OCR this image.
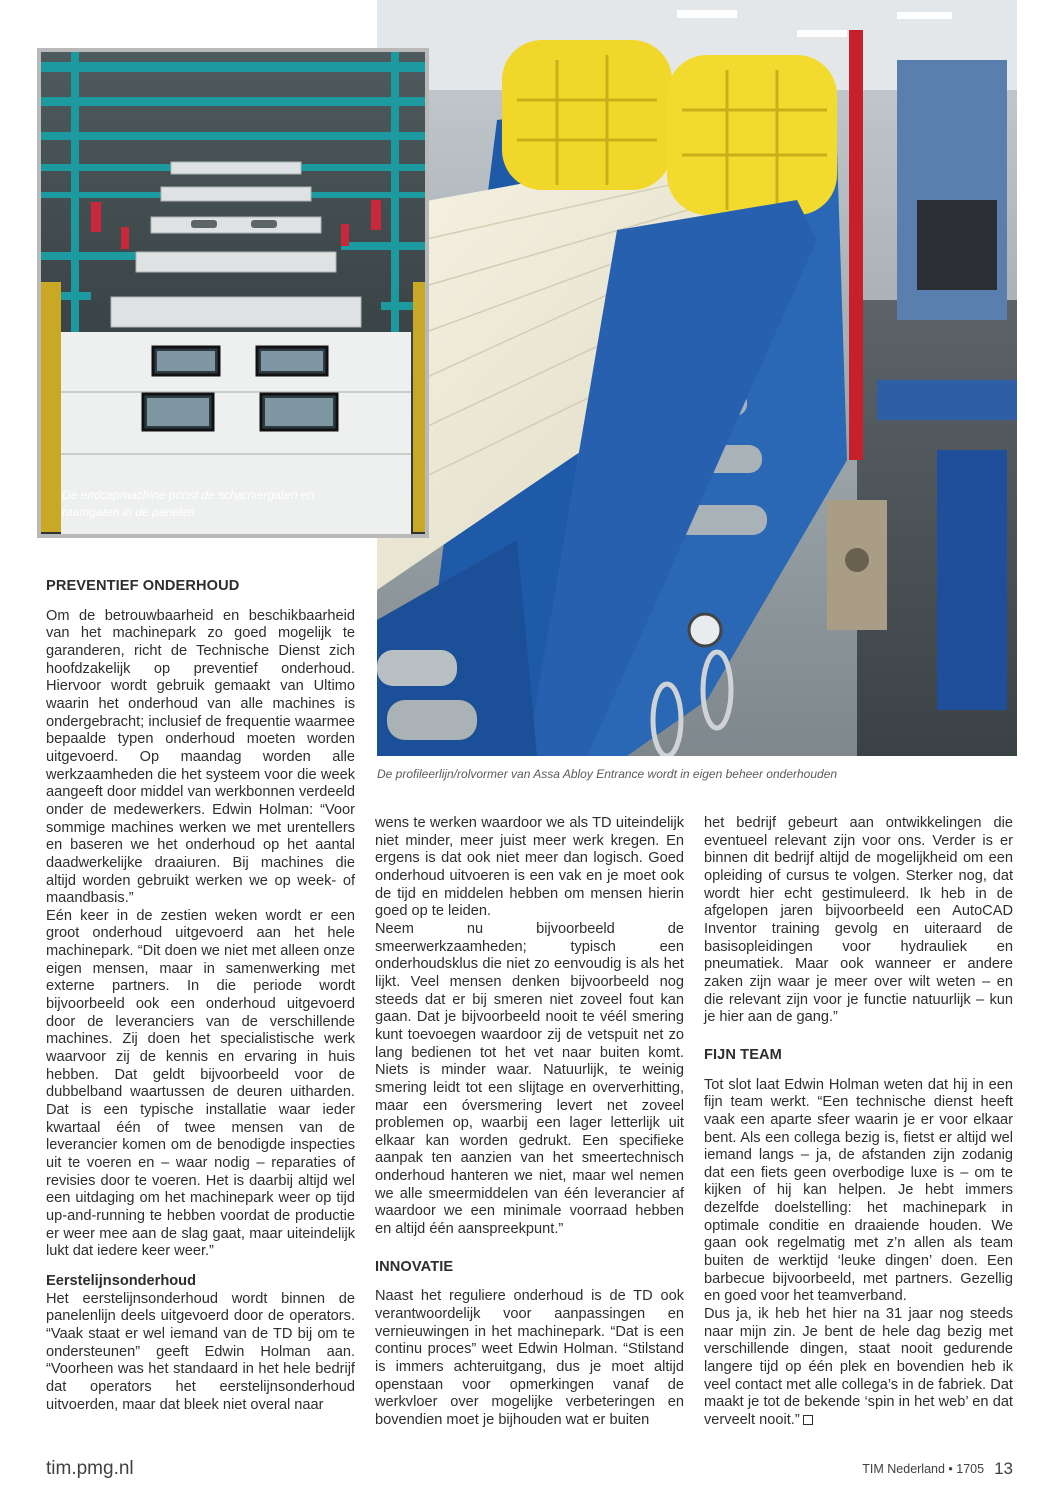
De profileerlijn/rolvormer van Assa Abloy Entrance wordt in eigen beheer onderhouden
De endcapmachine ponst de scharniergaten en raamgaten in de panelen
PREVENTIEF ONDERHOUD

Om de betrouwbaarheid en beschikbaarheid van het machinepark zo goed mogelijk te garanderen, richt de Technische Dienst zich hoofdzakelijk op preventief onderhoud. Hiervoor wordt gebruik gemaakt van Ultimo waarin het onderhoud van alle machines is ondergebracht; inclusief de frequentie waarmee bepaalde typen onderhoud moeten worden uitgevoerd. Op maandag worden alle werkzaamheden die het systeem voor die week aangeeft door middel van werkbonnen verdeeld onder de medewerkers. Edwin Holman: “Voor sommige machines werken we met urentellers en baseren we het onderhoud op het aantal daadwerkelijke draaiuren. Bij machines die altijd worden gebruikt werken we op week- of maandbasis.”

Eén keer in de zestien weken wordt er een groot onderhoud uitgevoerd aan het hele machinepark. “Dit doen we niet met alleen onze eigen mensen, maar in samenwerking met externe partners. In die periode wordt bijvoorbeeld ook een onderhoud uitgevoerd door de leveranciers van de verschillende machines. Zij doen het specialistische werk waarvoor zij de kennis en ervaring in huis hebben. Dat geldt bijvoorbeeld voor de dubbelband waartussen de deuren uitharden. Dat is een typische installatie waar ieder kwartaal één of twee mensen van de leverancier komen om de benodigde inspecties uit te voeren en – waar nodig – reparaties of revisies door te voeren. Het is daarbij altijd wel een uitdaging om het machinepark weer op tijd up-and-running te hebben voordat de productie er weer mee aan de slag gaat, maar uiteindelijk lukt dat iedere keer weer.”

Eerstelijnsonderhoud

Het eerstelijnsonderhoud wordt binnen de panelenlijn deels uitgevoerd door de operators. “Vaak staat er wel iemand van de TD bij om te ondersteunen” geeft Edwin Holman aan. “Voorheen was het standaard in het hele bedrijf dat operators het eerstelijnsonderhoud uitvoerden, maar dat bleek niet overal naar

wens te werken waardoor we als TD uiteindelijk niet minder, meer juist meer werk kregen. En ergens is dat ook niet meer dan logisch. Goed onderhoud uitvoeren is een vak en je moet ook de tijd en middelen hebben om mensen hierin goed op te leiden.

Neem nu bijvoorbeeld de smeerwerkzaamheden; typisch een onderhoudsklus die niet zo eenvoudig is als het lijkt. Veel mensen denken bijvoorbeeld nog steeds dat er bij smeren niet zoveel fout kan gaan. Dat je bijvoorbeeld nooit te véél smering kunt toevoegen waardoor zij de vetspuit net zo lang bedienen tot het vet naar buiten komt. Niets is minder waar. Natuurlijk, te weinig smering leidt tot een slijtage en oververhitting, maar een óversmering levert net zoveel problemen op, waarbij een lager letterlijk uit elkaar kan worden gedrukt. Een specifieke aanpak ten aanzien van het smeertechnisch onderhoud hanteren we niet, maar wel nemen we alle smeermiddelen van één leverancier af waardoor we een minimale voorraad hebben en altijd één aanspreekpunt.”

INNOVATIE

Naast het reguliere onderhoud is de TD ook verantwoordelijk voor aanpassingen en vernieuwingen in het machinepark. “Dat is een continu proces” weet Edwin Holman. “Stilstand is immers achteruitgang, dus je moet altijd openstaan voor opmerkingen vanaf de werkvloer over mogelijke verbeteringen en bovendien moet je bijhouden wat er buiten

het bedrijf gebeurt aan ontwikkelingen die eventueel relevant zijn voor ons. Verder is er binnen dit bedrijf altijd de mogelijkheid om een opleiding of cursus te volgen. Sterker nog, dat wordt hier echt gestimuleerd. Ik heb in de afgelopen jaren bijvoorbeeld een AutoCAD Inventor training gevolg en uiteraard de basisopleidingen voor hydrauliek en pneumatiek. Maar ook wanneer er andere zaken zijn waar je meer over wilt weten – en die relevant zijn voor je functie natuurlijk – kun je hier aan de gang.”

FIJN TEAM

Tot slot laat Edwin Holman weten dat hij in een fijn team werkt. “Een technische dienst heeft vaak een aparte sfeer waarin je er voor elkaar bent. Als een collega bezig is, fietst er altijd wel iemand langs – ja, de afstanden zijn zodanig dat een fiets geen overbodige luxe is – om te kijken of hij kan helpen. Je hebt immers dezelfde doelstelling: het machinepark in optimale conditie en draaiende houden. We gaan ook regelmatig met z’n allen als team buiten de werktijd ‘leuke dingen’ doen. Een barbecue bijvoorbeeld, met partners. Gezellig en goed voor het teamverband.

Dus ja, ik heb het hier na 31 jaar nog steeds naar mijn zin. Je bent de hele dag bezig met verschillende dingen, staat nooit gedurende langere tijd op één plek en bovendien heb ik veel contact met alle collega’s in de fabriek. Dat maakt je tot de bekende ‘spin in het web’ en dat verveelt nooit.”

tim.pmg.nl	TIM Nederland • 1705 13
